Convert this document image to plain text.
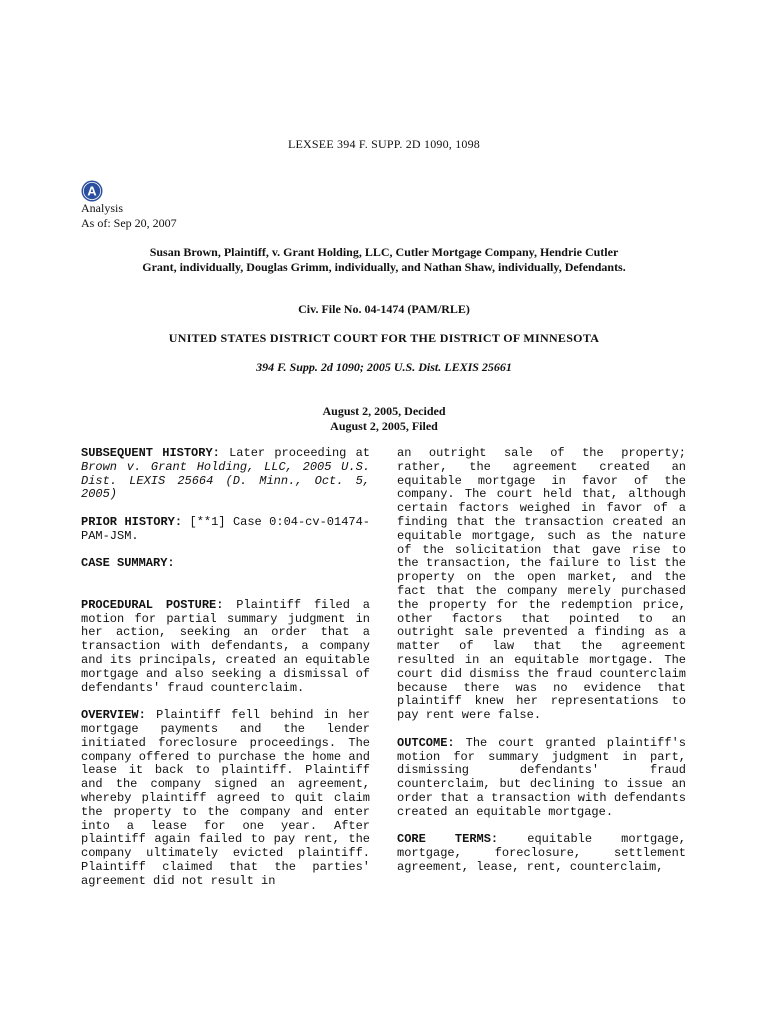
LEXSEE 394 F. SUPP. 2D 1090, 1098
A
Analysis
As of: Sep 20, 2007
Susan Brown, Plaintiff, v. Grant Holding, LLC, Cutler Mortgage Company, Hendrie Cutler Grant, individually, Douglas Grimm, individually, and Nathan Shaw, individually, Defendants.
Civ. File No. 04-1474 (PAM/RLE)
UNITED STATES DISTRICT COURT FOR THE DISTRICT OF MINNESOTA
394 F. Supp. 2d 1090; 2005 U.S. Dist. LEXIS 25661
August 2, 2005, Decided
August 2, 2005, Filed

SUBSEQUENT HISTORY: Later proceeding at Brown v. Grant Holding, LLC, 2005 U.S. Dist. LEXIS 25664 (D. Minn., Oct. 5, 2005)

PRIOR HISTORY: [**1] Case 0:04-cv-01474-PAM-JSM.

CASE SUMMARY:

PROCEDURAL POSTURE: Plaintiff filed a motion for partial summary judgment in her action, seeking an order that a transaction with defendants, a company and its principals, created an equitable mortgage and also seeking a dismissal of defendants' fraud counterclaim.

OVERVIEW: Plaintiff fell behind in her mortgage payments and the lender initiated foreclosure proceedings. The company offered to purchase the home and lease it back to plaintiff. Plaintiff and the company signed an agreement, whereby plaintiff agreed to quit claim the property to the company and enter into a lease for one year. After plaintiff again failed to pay rent, the company ultimately evicted plaintiff. Plaintiff claimed that the parties' agreement did not result in

an outright sale of the property; rather, the agreement created an equitable mortgage in favor of the company. The court held that, although certain factors weighed in favor of a finding that the transaction created an equitable mortgage, such as the nature of the solicitation that gave rise to the transaction, the failure to list the property on the open market, and the fact that the company merely purchased the property for the redemption price, other factors that pointed to an outright sale prevented a finding as a matter of law that the agreement resulted in an equitable mortgage. The court did dismiss the fraud counterclaim because there was no evidence that plaintiff knew her representations to pay rent were false.

OUTCOME: The court granted plaintiff's motion for summary judgment in part, dismissing defendants' fraud counterclaim, but declining to issue an order that a transaction with defendants created an equitable mortgage.

CORE TERMS: equitable mortgage, mortgage, foreclosure, settlement agreement, lease, rent, counterclaim,
